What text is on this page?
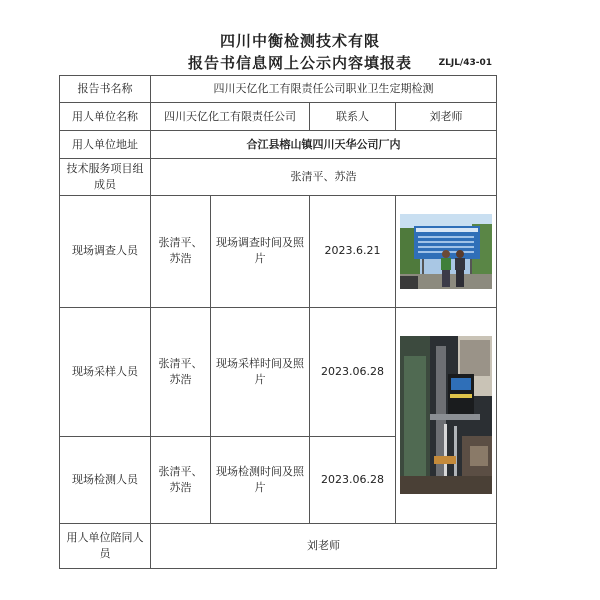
四川中衡检测技术有限
报告书信息网上公示内容填报表	ZLJL/43-01
报告书名称	四川天亿化工有限责任公司职业卫生定期检测			
用人单位名称	四川天亿化工有限责任公司		联系人	刘老师
用人单位地址	合江县榕山镇四川天华公司厂内			
技术服务项目组成员	张清平、苏浩			
现场调查人员	张清平、苏浩	现场调查时间及照片	2023.6.21	

现场采样人员	张清平、苏浩	现场采样时间及照片	2023.06.28	

现场检测人员	张清平、苏浩	现场检测时间及照片	2023.06.28	
用人单位陪同人员	刘老师			
